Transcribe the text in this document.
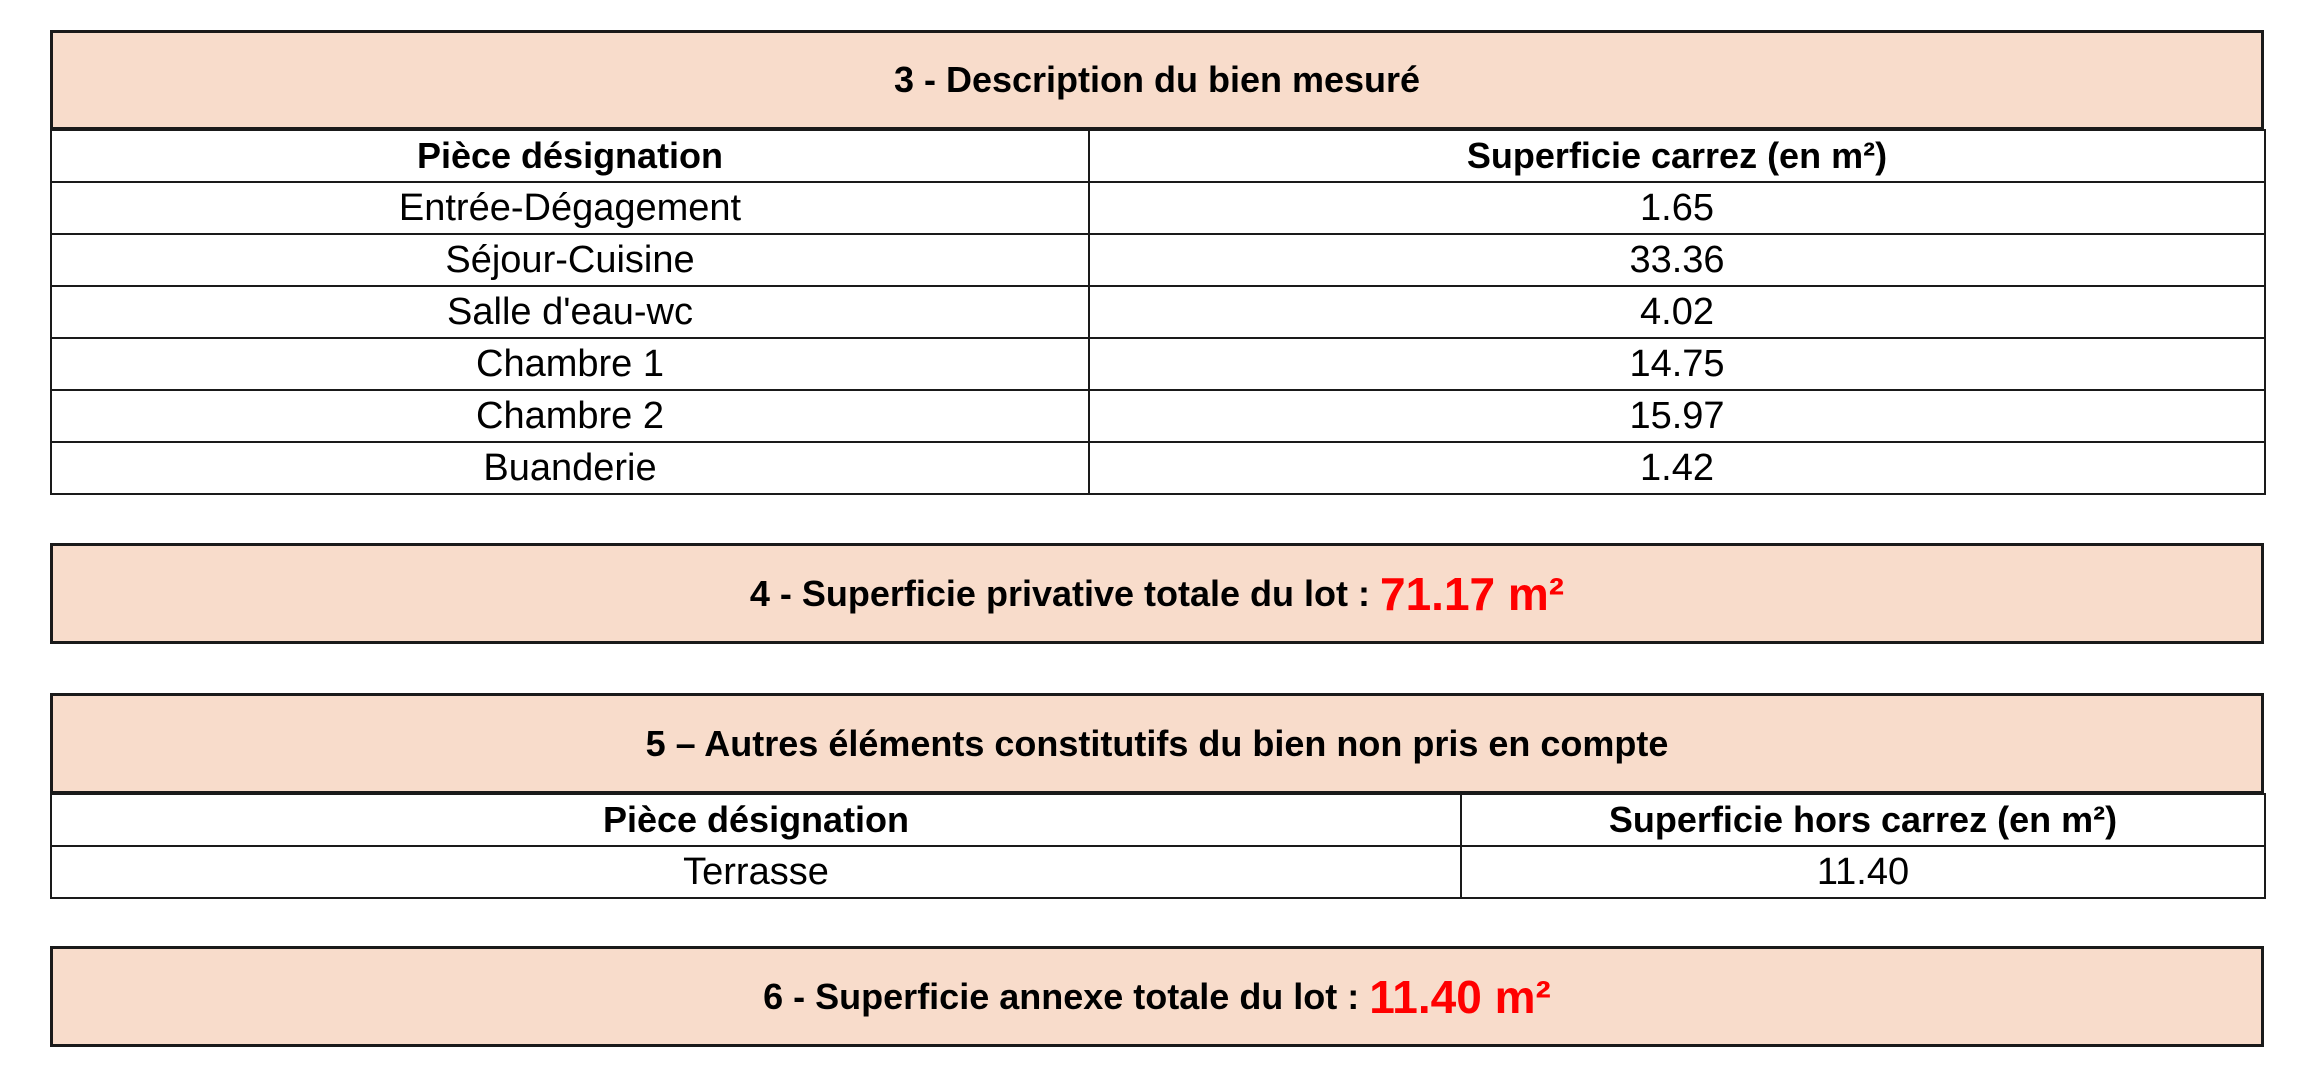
3 - Description du bien mesuré
Pièce désignation	Superficie carrez (en m²)
Entrée-Dégagement	1.65
Séjour-Cuisine	33.36
Salle d'eau-wc	4.02
Chambre 1	14.75
Chambre 2	15.97
Buanderie	1.42
4 - Superficie privative totale du lot : 71.17 m²
5 – Autres éléments constitutifs du bien non pris en compte
Pièce désignation	Superficie hors carrez (en m²)
Terrasse	11.40
6 - Superficie annexe totale du lot : 11.40 m²
